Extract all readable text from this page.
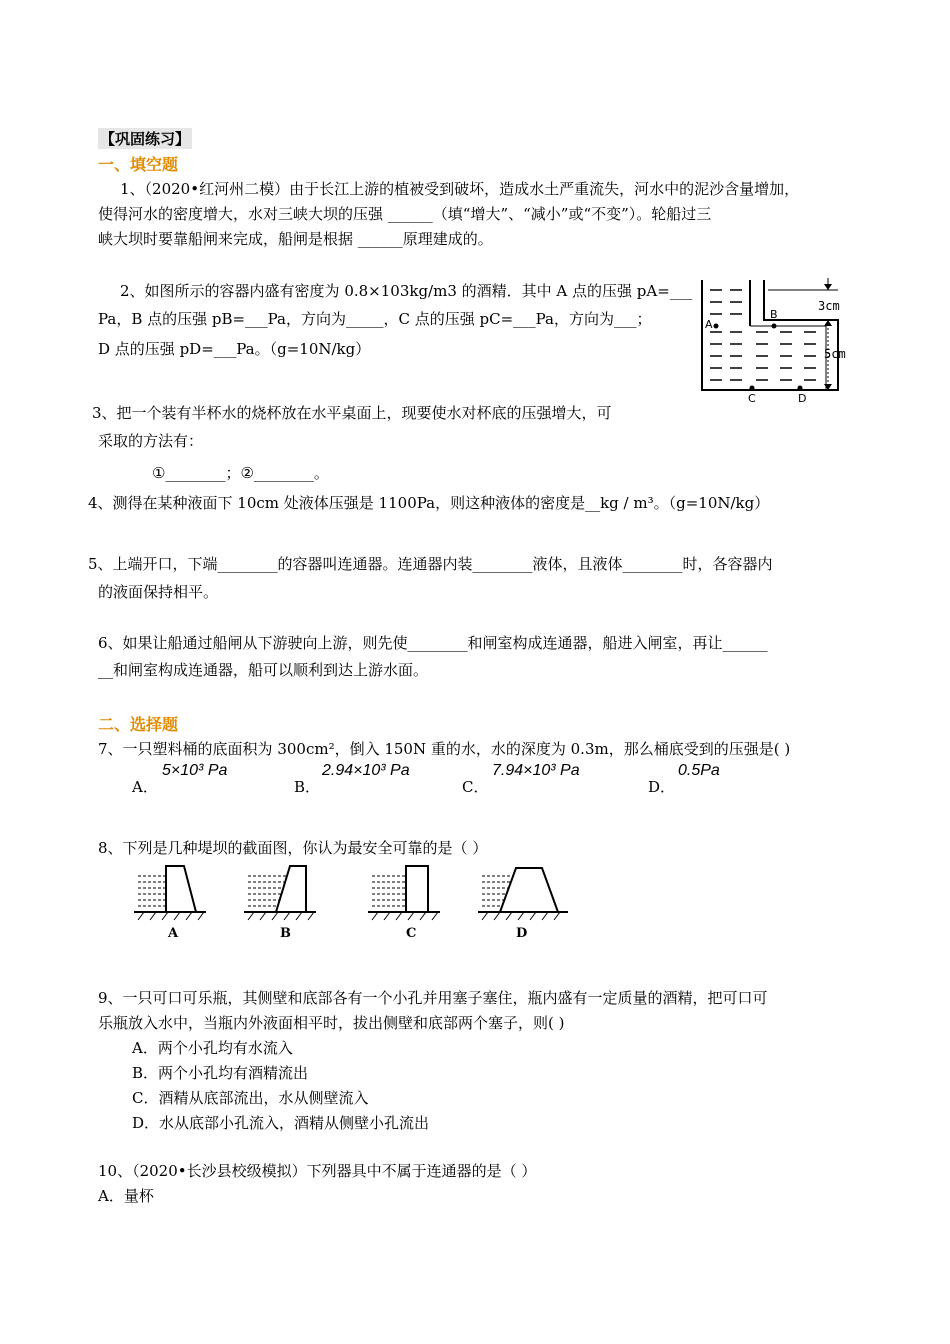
【巩固练习】
一、填空题
1、（2020•红河州二模）由于长江上游的植被受到破坏，造成水土严重流失，河水中的泥沙含量增加，
使得河水的密度增大，水对三峡大坝的压强 ______（填“增大”、“减小”或“不变”）。轮船过三
峡大坝时要靠船闸来完成，船闸是根据 ______原理建成的。
2、如图所示的容器内盛有密度为 0.8×103kg/m3 的酒精．其中 A 点的压强 pA=___
Pa，B 点的压强 pB=___Pa，方向为_____，C 点的压强 pC=___Pa，方向为___；
D 点的压强 pD=___Pa。（g=10N/kg）
A
B
C	D
3cm
5cm
3、把一个装有半杯水的烧杯放在水平桌面上，现要使水对杯底的压强增大，可
采取的方法有：
①________；②________。
4、测得在某种液面下 10cm 处液体压强是 1100Pa，则这种液体的密度是__kg / m³。（g=10N/kg）
5、上端开口，下端________的容器叫连通器。连通器内装________液体，且液体________时，各容器内
的液面保持相平。
6、如果让船通过船闸从下游驶向上游，则先使________和闸室构成连通器，船进入闸室，再让______
__和闸室构成连通器，船可以顺利到达上游水面。
二、选择题
7、一只塑料桶的底面积为 300cm²，倒入 150N 重的水，水的深度为 0.3m，那么桶底受到的压强是( )
A．
5×10³ Pa
B．
2.94×10³ Pa
C．
7.94×10³ Pa
D．
0.5Pa
8、下列是几种堤坝的截面图，你认为最安全可靠的是（ ）
A	B	C	D
9、一只可口可乐瓶，其侧壁和底部各有一个小孔并用塞子塞住，瓶内盛有一定质量的酒精，把可口可
乐瓶放入水中，当瓶内外液面相平时，拔出侧壁和底部两个塞子，则( )
A．两个小孔均有水流入
B．两个小孔均有酒精流出
C．酒精从底部流出，水从侧壁流入
D．水从底部小孔流入，酒精从侧壁小孔流出
10、（2020•长沙县校级模拟）下列器具中不属于连通器的是（ ）
A．量杯
